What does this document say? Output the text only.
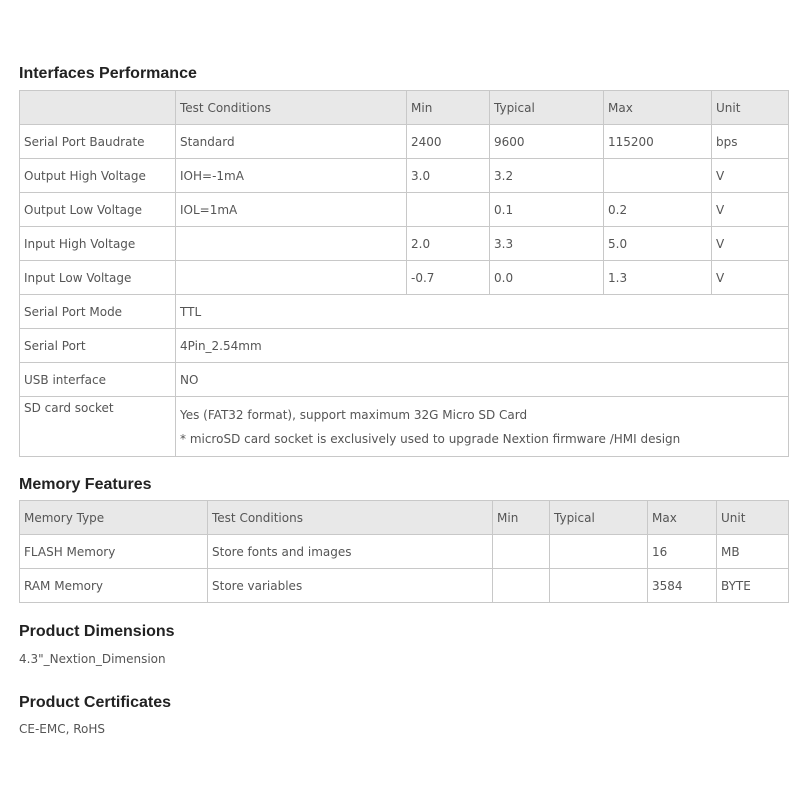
Interfaces Performance
	Test Conditions	Min	Typical	Max	Unit
Serial Port Baudrate	Standard	2400	9600	115200	bps
Output High Voltage	IOH=-1mA	3.0	3.2		V
Output Low Voltage	IOL=1mA		0.1	0.2	V
Input High Voltage		2.0	3.3	5.0	V
Input Low Voltage		-0.7	0.0	1.3	V
Serial Port Mode	TTL				
Serial Port	4Pin_2.54mm				
USB interface	NO				
SD card socket	Yes (FAT32 format), support maximum 32G Micro SD Card
* microSD card socket is exclusively used to upgrade Nextion firmware /HMI design				
Memory Features
Memory Type	Test Conditions	Min	Typical	Max	Unit
FLASH Memory	Store fonts and images			16	MB
RAM Memory	Store variables			3584	BYTE
Product Dimensions
4.3"_Nextion_Dimension
Product Certificates
CE-EMC, RoHS
